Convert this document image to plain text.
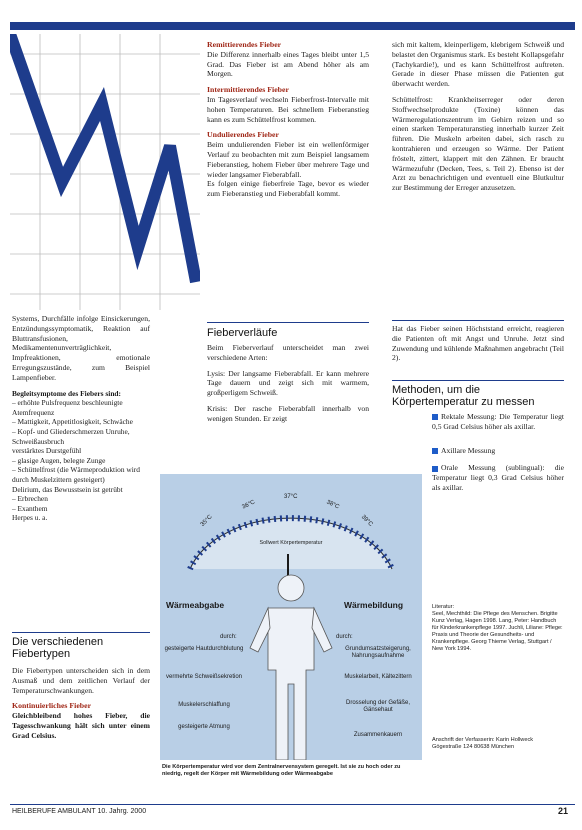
Systems, Durchfälle infolge Einsickerungen, Entzündungssymptomatik, Reaktion auf Bluttransfusionen, Medikamentenunverträglichkeit, Impfreaktionen, emotionale Erregungszustände, zum Beispiel Lampenfieber.

Begleitsymptome des Fiebers sind:
– erhöhte Pulsfrequenz beschleunigte Atemfrequenz
– Mattigkeit, Appetitlosigkeit, Schwäche
– Kopf- und Gliederschmerzen Unruhe, Schweißausbruch
verstärktes Durstgefühl
– glasige Augen, belegte Zunge
– Schüttelfrost (die Wärmeproduktion wird durch Muskelzittern gesteigert)
Delirium, das Bewusstsein ist getrübt
– Erbrechen
– Exanthem
Herpes u. a.
Die verschiedenen Fiebertypen

Die Fiebertypen unterscheiden sich in dem Ausmaß und dem zeitlichen Verlauf der Temperaturschwankungen.

Kontinuierliches Fieber

Gleichbleibend hohes Fieber, die Tagesschwankung hält sich unter einem Grad Celsius.

Remittierendes Fieber

Die Differenz innerhalb eines Tages bleibt unter 1,5 Grad. Das Fieber ist am Abend höher als am Morgen.

Intermittierendes Fieber

Im Tagesverlauf wechseln Fieberfrost-Intervalle mit hohen Temperaturen. Bei schnellem Fieberanstieg kann es zum Schüttelfrost kommen.

Undulierendes Fieber

Beim undulierenden Fieber ist ein wellenförmiger Verlauf zu beobachten mit zum Beispiel langsamem Fieberanstieg, hohem Fieber über mehrere Tage und wieder langsamer Fieberabfall.

Es folgen einige fieberfreie Tage, bevor es wieder zum Fieberanstieg und Fieberabfall kommt.

Fieberverläufe

Beim Fieberverlauf unterscheidet man zwei verschiedene Arten:

Lysis: Der langsame Fieberabfall. Er kann mehrere Tage dauern und zeigt sich mit warmem, großperligem Schweiß.

Krisis: Der rasche Fieberabfall innerhalb von wenigen Stunden. Er zeigt

sich mit kaltem, kleinperligem, klebrigem Schweiß und belastet den Organismus stark. Es besteht Kollapsgefahr (Tachykardie!), und es kann Schüttelfrost auftreten. Gerade in dieser Phase müssen die Patienten gut überwacht werden.

Schüttelfrost: Krankheitserreger oder deren Stoffwechselprodukte (Toxine) können das Wärmeregulationszentrum im Gehirn reizen und so einen starken Temperaturanstieg innerhalb kurzer Zeit führen. Die Muskeln arbeiten dabei, sich rasch zu kontrahieren und erzeugen so Wärme. Der Patient fröstelt, zittert, klappert mit den Zähnen. Er braucht Wärmezufuhr (Decken, Tees, s. Teil 2). Ebenso ist der Arzt zu benachrichtigen und eventuell eine Blutkultur zur Bestimmung der Erreger anzusetzen.

Hat das Fieber seinen Höchststand erreicht, reagieren die Patienten oft mit Angst und Unruhe. Jetzt sind Zuwendung und kühlende Maßnahmen angebracht (Teil 2).

Methoden, um die Körpertemperatur zu messen

Rektale Messung: Die Temperatur liegt 0,5 Grad Celsius höher als axillar.

Axillare Messung

Orale Messung (sublingual): die Temperatur liegt 0,3 Grad Celsius höher als axillar.

Literatur:
Seel, Mechthild: Die Pflege des Menschen. Brigitte Kunz Verlag, Hagen 1998. Lang, Peter: Handbuch für Kinderkrankenpflege 1997. Juchli, Liliane: Pflege: Praxis und Theorie der Gesundheits- und Krankenpflege. Georg Thieme Verlag, Stuttgart / New York 1994.
Anschrift der Verfasserin: Karin Hollweck Gögestraße 124 80638 München
35°C
36°C
37°C
38°C
39°C
Sollwert Körpertemperatur
Wärmeabgabe	Wärmebildung
durch:	durch:
gesteigerte Hautdurchblutung
vermehrte Schweißsekretion
Muskelerschlaffung
gesteigerte Atmung
Grundumsatzsteigerung, Nahrungsaufnahme
Muskelarbeit, Kältezittern
Drosselung der Gefäße, Gänsehaut
Zusammenkauern
Die Körpertemperatur wird vor dem Zentralnervensystem geregelt. Ist sie zu hoch oder zu niedrig, regelt der Körper mit Wärmebildung oder Wärmeabgabe
HEILBERUFE AMBULANT 10. Jahrg. 2000	21
